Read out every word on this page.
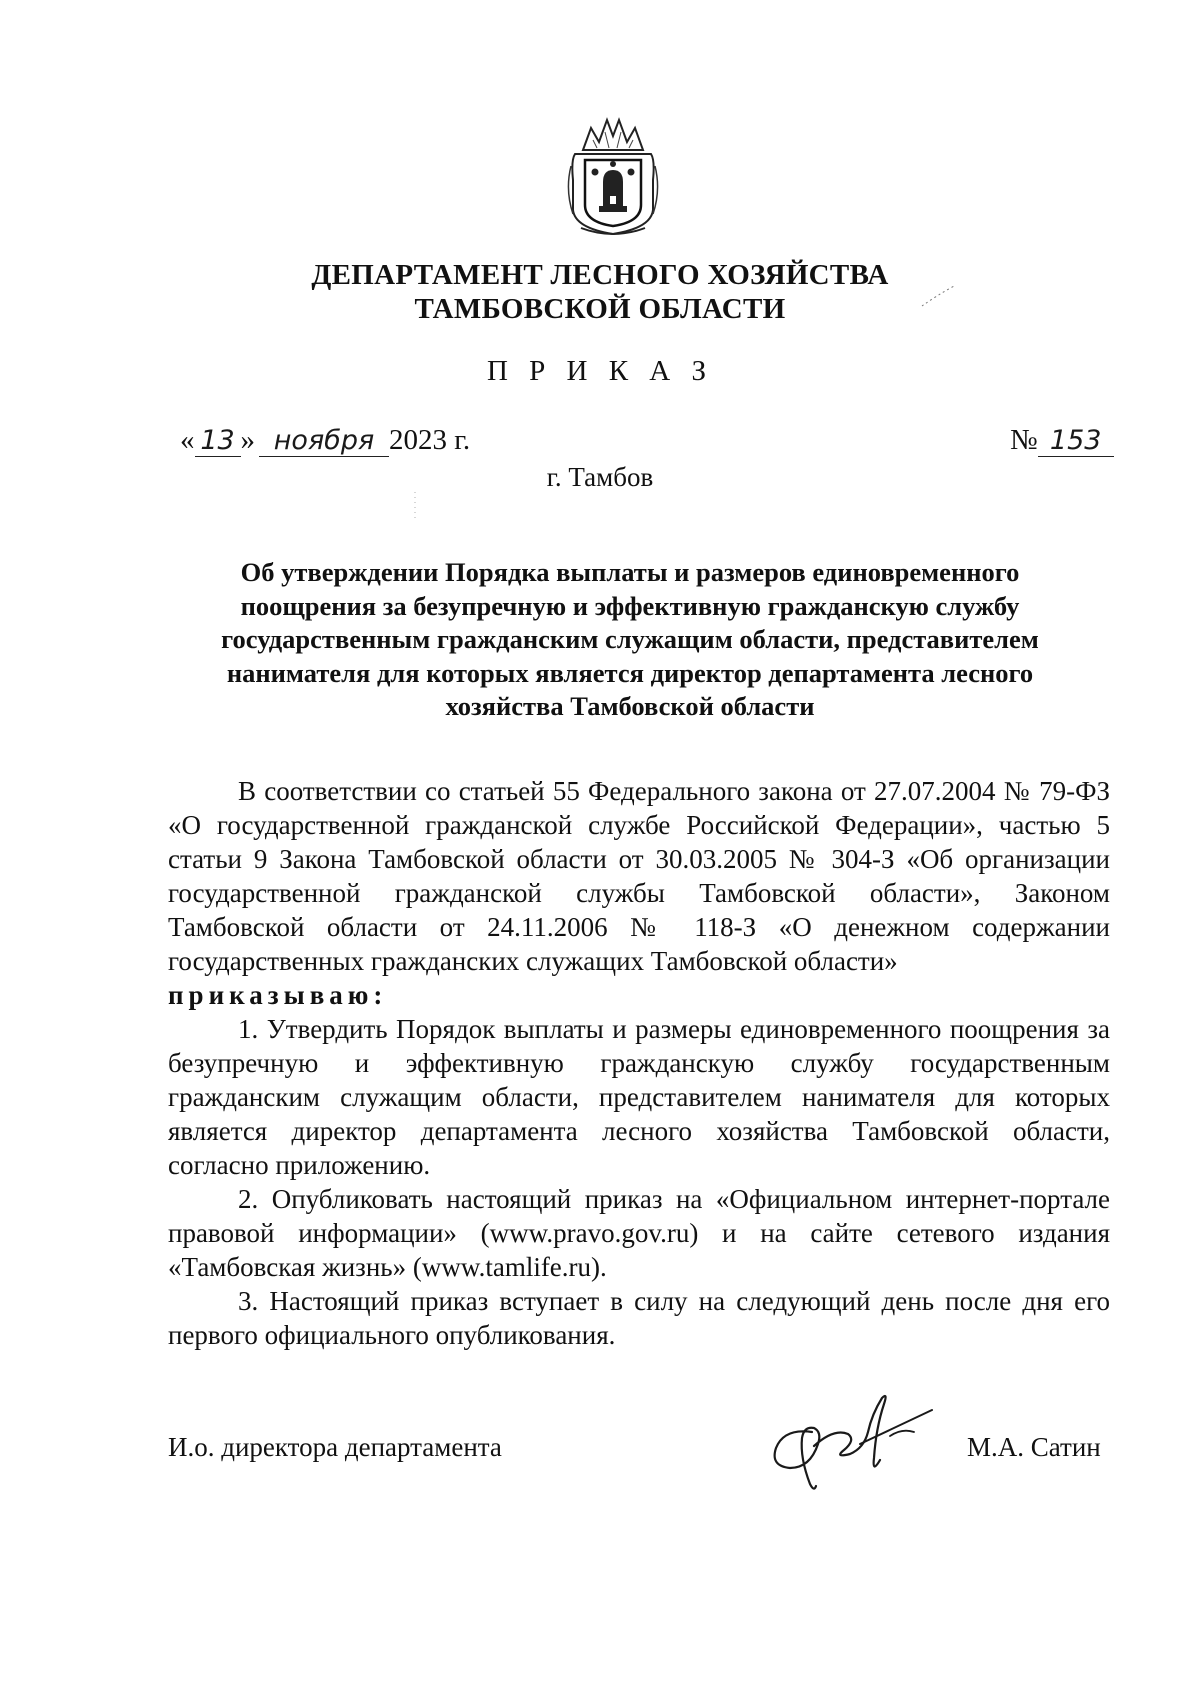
ДЕПАРТАМЕНТ ЛЕСНОГО ХОЗЯЙСТВА
ТАМБОВСКОЙ ОБЛАСТИ
П Р И К А З
« 13 » ноября 2023 г.	№ 153
г. Тамбов
Об утверждении Порядка выплаты и размеров единовременного
поощрения за безупречную и эффективную гражданскую службу
государственным гражданским служащим области, представителем
нанимателя для которых является директор департамента лесного
хозяйства Тамбовской области

В соответствии со статьей 55 Федерального закона от 27.07.2004 № 79-ФЗ «О государственной гражданской службе Российской Федерации», частью 5 статьи 9 Закона Тамбовской области от 30.03.2005 № 304-З «Об организации государственной гражданской службы Тамбовской области», Законом Тамбовской области от 24.11.2006 № 118-З «О денежном содержании государственных гражданских служащих Тамбовской области»

приказываю:

1. Утвердить Порядок выплаты и размеры единовременного поощрения за безупречную и эффективную гражданскую службу государственным гражданским служащим области, представителем нанимателя для которых является директор департамента лесного хозяйства Тамбовской области, согласно приложению.

2. Опубликовать настоящий приказ на «Официальном интернет-портале правовой информации» (www.pravo.gov.ru) и на сайте сетевого издания «Тамбовская жизнь» (www.tamlife.ru).

3. Настоящий приказ вступает в силу на следующий день после дня его первого официального опубликования.

И.о. директора департамента	М.А. Сатин
